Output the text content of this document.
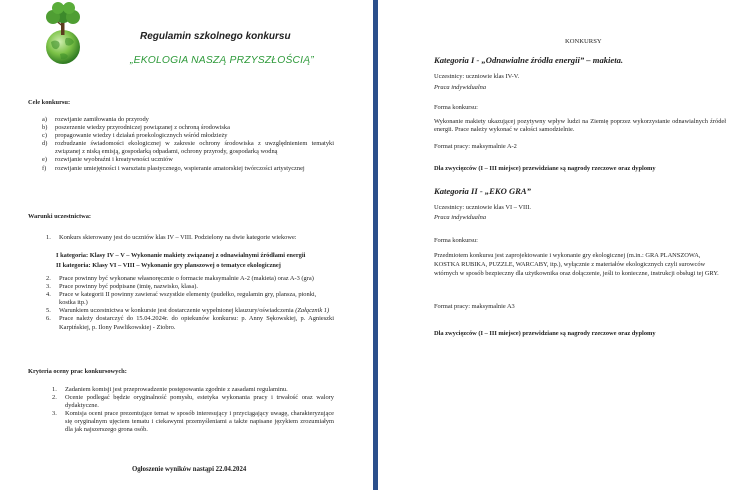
Regulamin szkolnego konkursu
„EKOLOGIA NASZĄ PRZYSZŁOŚCIĄ”
Cele konkursu:
a) rozwijanie zamiłowania do przyrody
b) poszerzenie wiedzy przyrodniczej powiązanej z ochroną środowiska
c) propagowanie wiedzy i działań proekologicznych wśród młodzieży
d) rozbudzanie świadomości ekologicznej w zakresie ochrony środowiska z uwzględnieniem tematyki związanej z niską emisją, gospodarką odpadami, ochrony przyrody, gospodarką wodną
e) rozwijanie wyobraźni i kreatywności uczniów
f) rozwijanie umiejętności i warsztatu plastycznego, wspieranie amatorskiej twórczości artystycznej
Warunki uczestnictwa:
1. Konkurs skierowany jest do uczniów klas IV – VIII. Podzielony na dwie kategorie wiekowe:
I kategoria: Klasy IV – V – Wykonanie makiety związanej z odnawialnymi źródłami energii
II kategoria: Klasy VI – VIII – Wykonanie gry planszowej o tematyce ekologicznej
2. Prace powinny być wykonane własnoręcznie o formacie maksymalnie A-2 (makieta) oraz A-3 (gra)
3. Prace powinny być podpisane (imię, nazwisko, klasa).
4. Prace w kategorii II powinny zawierać wszystkie elementy (pudełko, regulamin gry, plansza, pionki, kostka itp.)
5. Warunkiem uczestnictwa w konkursie jest dostarczenie wypełnionej klauzury/oświadczenia (Załącznik 1)
6. Prace należy dostarczyć do 15.04.2024r. do opiekunów konkursu: p. Anny Sękowskiej, p. Agnieszki Karpińskiej, p. Ilony Pawlikowskiej - Ziobro.
Kryteria oceny prac konkursowych:
1. Zadaniem komisji jest przeprowadzenie postępowania zgodnie z zasadami regulaminu.
2. Ocenie podlegać będzie oryginalność pomysłu, estetyka wykonania pracy i trwałość oraz walory dydaktyczne.
3. Komisja oceni prace prezentujące temat w sposób interesujący i przyciągający uwagę, charakteryzujące się oryginalnym ujęciem tematu i ciekawymi przemyśleniami a także napisane językiem zrozumiałym dla jak najszerszego grona osób.
Ogłoszenie wyników nastąpi 22.04.2024
KONKURSY
Kategoria I - „Odnawialne źródła energii” – makieta.
Uczestnicy: uczniowie klas IV-V.
Praca indywidualna
Forma konkursu:
Wykonanie makiety ukazującej pozytywny wpływ ludzi na Ziemię poprzez wykorzystanie odnawialnych źródeł energii. Prace należy wykonać w całości samodzielnie.
Format pracy: maksymalnie A-2
Dla zwycięzców (I – III miejsce) przewidziane są nagrody rzeczowe oraz dyplomy
Kategoria II - „EKO GRA”
Uczestnicy: uczniowie klas VI – VIII.
Praca indywidualna
Forma konkursu:
Przedmiotem konkursu jest zaprojektowanie i wykonanie gry ekologicznej (m.in.: GRA PLANSZOWA, KOSTKA RUBIKA, PUZZLE, WARCABY, itp.), wyłącznie z materiałów ekologicznych czyli surowców wtórnych w sposób bezpieczny dla użytkownika oraz dołączenie, jeśli to konieczne, instrukcji obsługi tej GRY.
Format pracy: maksymalnie A3
Dla zwycięzców (I – III miejsce) przewidziane są nagrody rzeczowe oraz dyplomy
